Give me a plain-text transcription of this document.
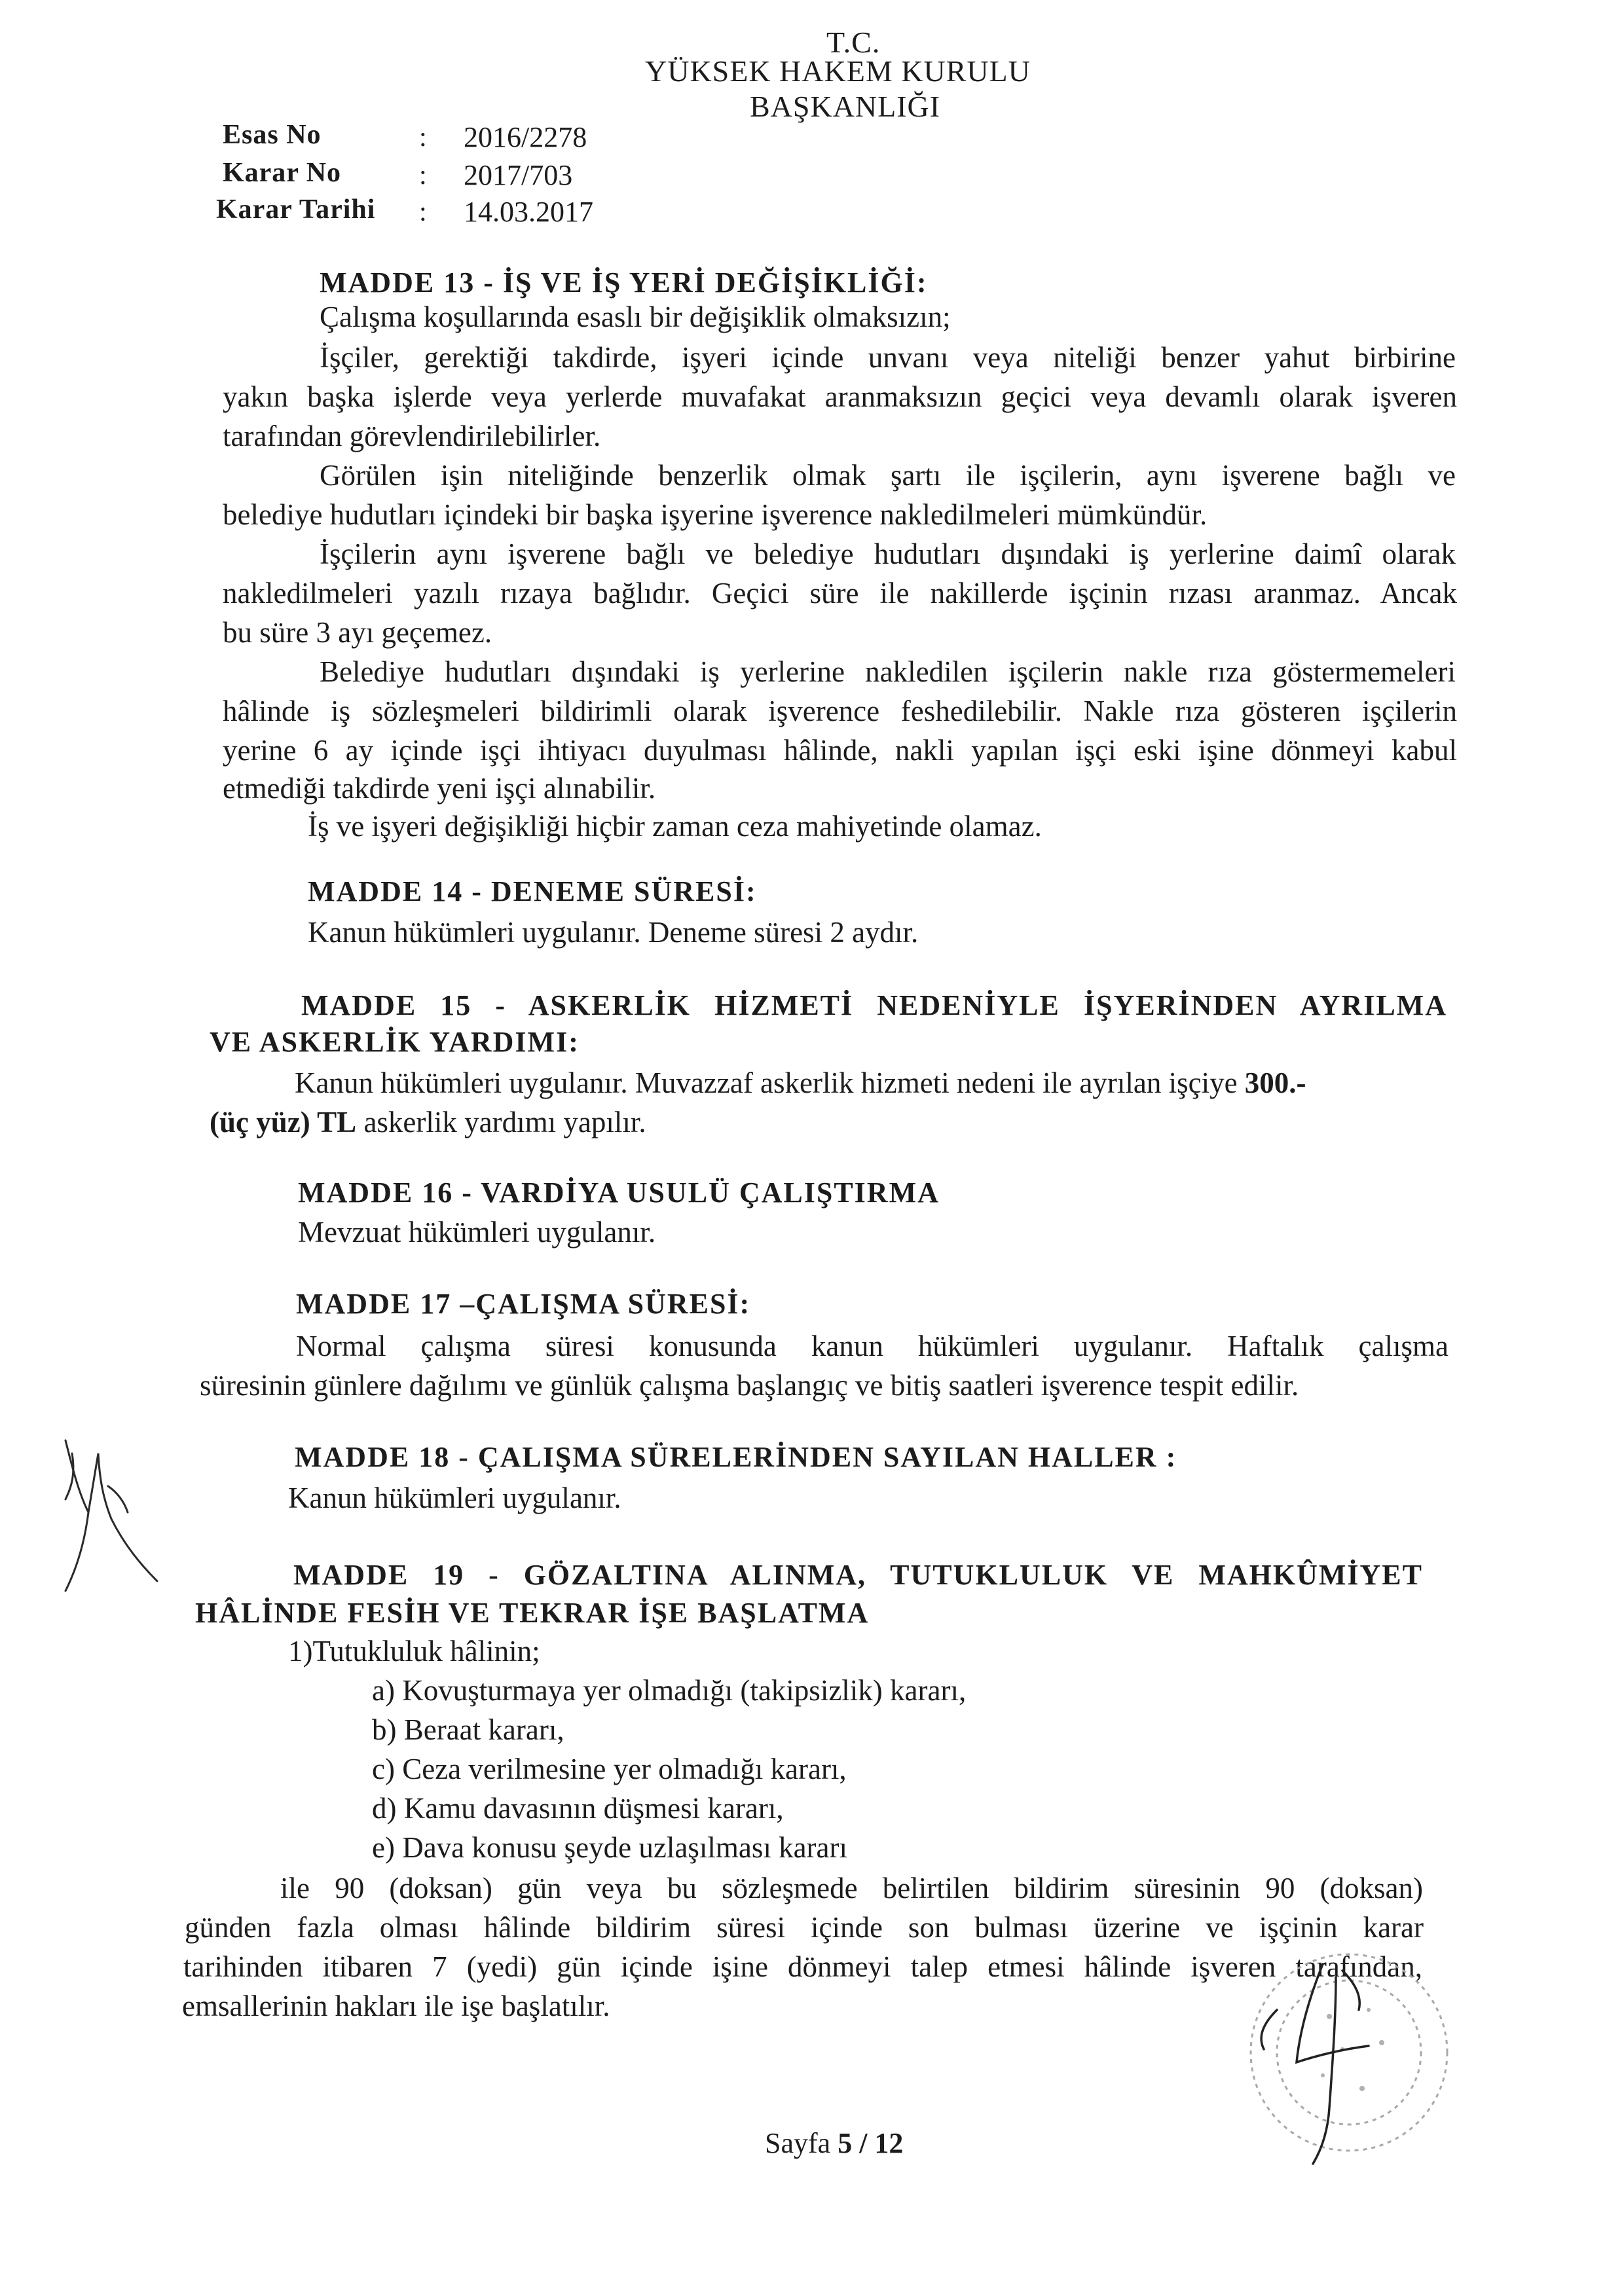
T.C.
YÜKSEK HAKEM KURULU
BAŞKANLIĞI
Esas No	: 2016/2278
Karar No	: 2017/703
Karar Tarihi : 14.03.2017
MADDE 13 - İŞ VE İŞ YERİ DEĞİŞİKLİĞİ:
Çalışma koşullarında esaslı bir değişiklik olmaksızın;
İşçiler, gerektiği takdirde, işyeri içinde unvanı veya niteliği benzer yahut birbirine
yakın başka işlerde veya yerlerde muvafakat aranmaksızın geçici veya devamlı olarak işveren
tarafından görevlendirilebilirler.
Görülen işin niteliğinde benzerlik olmak şartı ile işçilerin, aynı işverene bağlı ve
belediye hudutları içindeki bir başka işyerine işverence nakledilmeleri mümkündür.
İşçilerin aynı işverene bağlı ve belediye hudutları dışındaki iş yerlerine daimî olarak
nakledilmeleri yazılı rızaya bağlıdır. Geçici süre ile nakillerde işçinin rızası aranmaz. Ancak
bu süre 3 ayı geçemez.
Belediye hudutları dışındaki iş yerlerine nakledilen işçilerin nakle rıza göstermemeleri
hâlinde iş sözleşmeleri bildirimli olarak işverence feshedilebilir. Nakle rıza gösteren işçilerin
yerine 6 ay içinde işçi ihtiyacı duyulması hâlinde, nakli yapılan işçi eski işine dönmeyi kabul
etmediği takdirde yeni işçi alınabilir.
İş ve işyeri değişikliği hiçbir zaman ceza mahiyetinde olamaz.
MADDE 14 - DENEME SÜRESİ:
Kanun hükümleri uygulanır. Deneme süresi 2 aydır.
MADDE 15 - ASKERLİK HİZMETİ NEDENİYLE İŞYERİNDEN AYRILMA
VE ASKERLİK YARDIMI:
Kanun hükümleri uygulanır. Muvazzaf askerlik hizmeti nedeni ile ayrılan işçiye 300.-
(üç yüz) TL askerlik yardımı yapılır.
MADDE 16 - VARDİYA USULÜ ÇALIŞTIRMA
Mevzuat hükümleri uygulanır.
MADDE 17 –ÇALIŞMA SÜRESİ:
Normal çalışma süresi konusunda kanun hükümleri uygulanır. Haftalık çalışma
süresinin günlere dağılımı ve günlük çalışma başlangıç ve bitiş saatleri işverence tespit edilir.
MADDE 18 - ÇALIŞMA SÜRELERİNDEN SAYILAN HALLER :
Kanun hükümleri uygulanır.
MADDE 19 - GÖZALTINA ALINMA, TUTUKLULUK VE MAHKÛMİYET
HÂLİNDE FESİH VE TEKRAR İŞE BAŞLATMA
1)Tutukluluk hâlinin;
a) Kovuşturmaya yer olmadığı (takipsizlik) kararı,
b) Beraat kararı,
c) Ceza verilmesine yer olmadığı kararı,
d) Kamu davasının düşmesi kararı,
e) Dava konusu şeyde uzlaşılması kararı
ile 90 (doksan) gün veya bu sözleşmede belirtilen bildirim süresinin 90 (doksan)
günden fazla olması hâlinde bildirim süresi içinde son bulması üzerine ve işçinin karar
tarihinden itibaren 7 (yedi) gün içinde işine dönmeyi talep etmesi hâlinde işveren tarafından,
emsallerinin hakları ile işe başlatılır.
Sayfa 5 / 12
